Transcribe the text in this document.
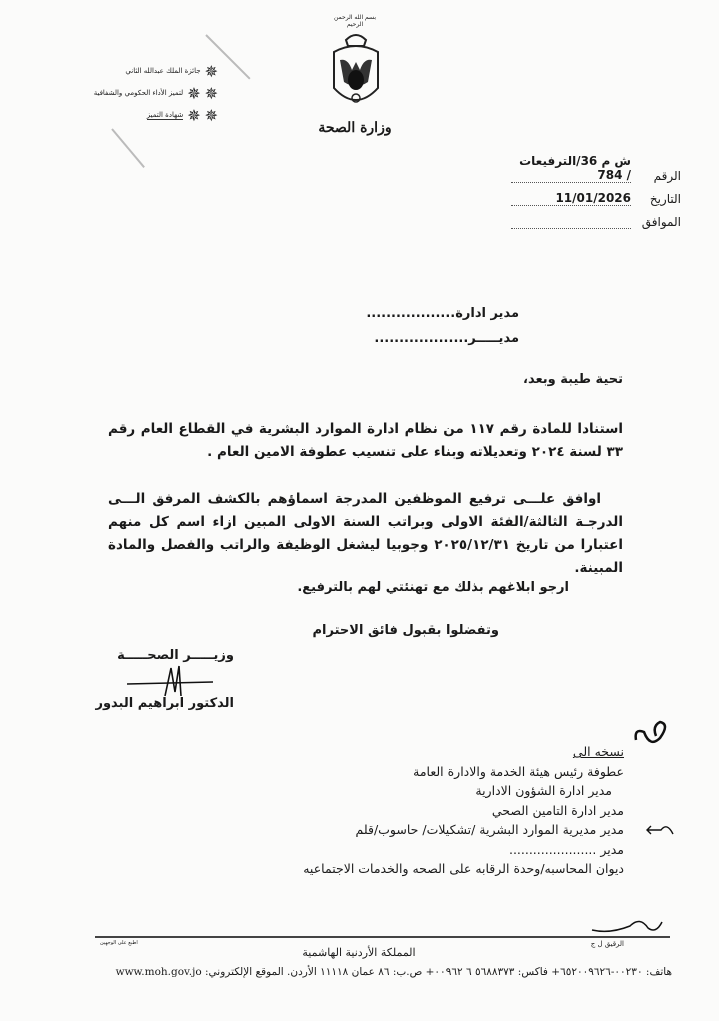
بسم الله الرحمن الرحيم
وزارة الصحة
جائزة الملك عبدالله الثاني ✵
لتميز الأداء الحكومي والشفافية ✵ ✵
شهادة التميز ✵ ✵
الرقم
ش م 36/الترفيعات / 784
التاريخ
11/01/2026
الموافق
مدير ادارة..................
مديـــــر...................
تحية طيبة وبعد،
استنادا للمادة رقم ١١٧ من نظام ادارة الموارد البشرية في القطاع العام رقم ٣٣ لسنة ٢٠٢٤ وتعديلاته وبناء على تنسيب عطوفة الامين العام .
اوافق علـــى ترفيع الموظفين المدرجة اسماؤهم بالكشف المرفق الـــى الدرجـة الثالثة/الفئة الاولى وبراتب السنة الاولى المبين ازاء اسم كل منهم اعتبارا من تاريخ ٢٠٢٥/١٢/٣١ وجوبيا ليشغل الوظيفة والراتب والفصل والمادة المبينة.
ارجو ابلاغهم بذلك مع تهنئتي لهم بالترفيع.
وتفضلوا بقبول فائق الاحترام
وزيـــــر الصحـــــة
الدكتور ابراهيم البدور
نسخه الى
عطوفة رئيس هيئة الخدمة والادارة العامة
مدير ادارة الشؤون الادارية
مدير ادارة التامين الصحي
مدير مديرية الموارد البشرية /تشكيلات/ حاسوب/قلم
مدير ......................
ديوان المحاسبه/وحدة الرقابه على الصحه والخدمات الاجتماعيه
الرقيق ل ج
اطبع على الوجهين
المملكة الأردنية الهاشمية
هاتف: ٠٠٢٣٠-٦٥٢٠٠٩٦٢٦+ فاكس: ٥٦٨٨٣٧٣ ٦ ٠٠٩٦٢+ ص.ب: ٨٦ عمان ١١١١٨ الأردن. الموقع الإلكتروني: www.moh.gov.jo
